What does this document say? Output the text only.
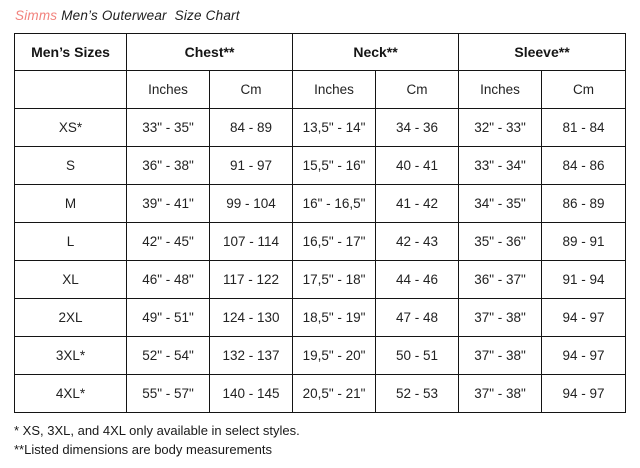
Simms Men’s Outerwear  Size Chart
Men’s Sizes	Chest**		Neck**		Sleeve**	
	Inches	Cm	Inches	Cm	Inches	Cm
XS*	33" - 35"	84 - 89	13,5" - 14"	34 - 36	32" - 33"	81 - 84
S	36" - 38"	91 - 97	15,5" - 16"	40 - 41	33" - 34"	84 - 86
M	39" - 41"	99 - 104	16" - 16,5"	41 - 42	34" - 35"	86 - 89
L	42" - 45"	107 - 114	16,5" - 17"	42 - 43	35" - 36"	89 - 91
XL	46" - 48"	117 - 122	17,5" - 18"	44 - 46	36" - 37"	91 - 94
2XL	49" - 51"	124 - 130	18,5" - 19"	47 - 48	37" - 38"	94 - 97
3XL*	52" - 54"	132 - 137	19,5" - 20"	50 - 51	37" - 38"	94 - 97
4XL*	55" - 57"	140 - 145	20,5" - 21"	52 - 53	37" - 38"	94 - 97
* XS, 3XL, and 4XL only available in select styles.
**Listed dimensions are body measurements
